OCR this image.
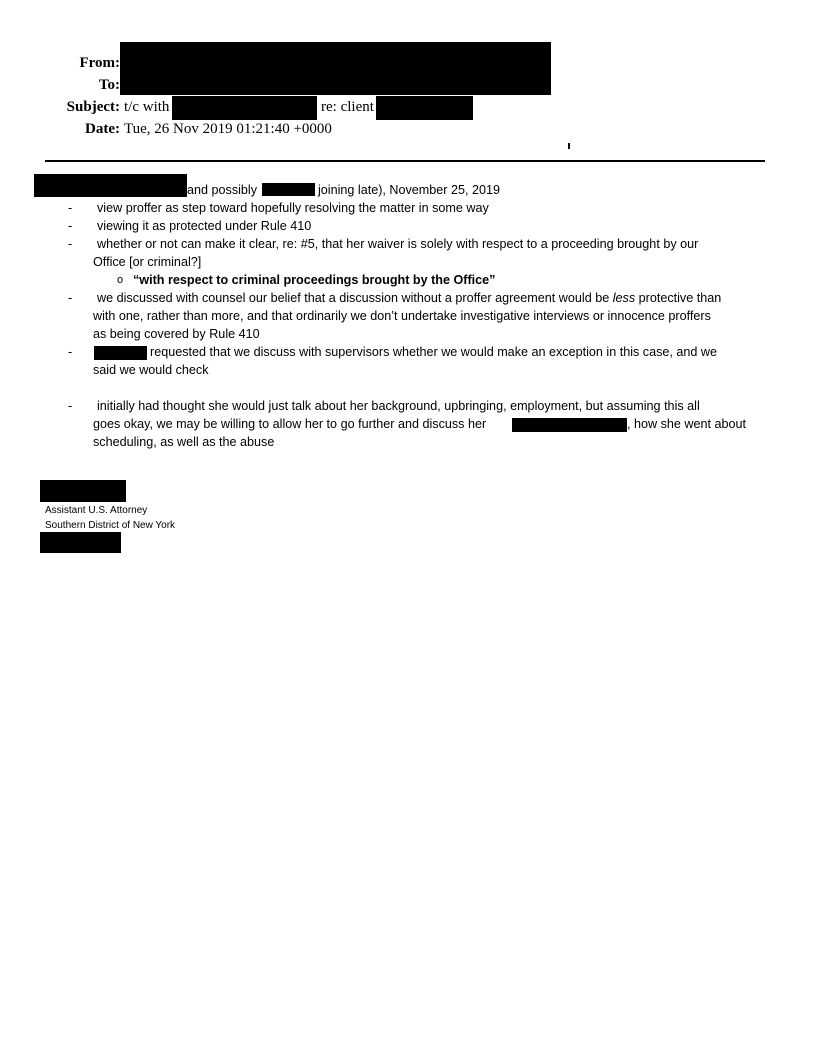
From:
To:
Subject: t/c with	re: client
Date: Tue, 26 Nov 2019 01:21:40 +0000
and possibly	joining late), November 25, 2019
- view proffer as step toward hopefully resolving the matter in some way
- viewing it as protected under Rule 410
- whether or not can make it clear, re: #5, that her waiver is solely with respect to a proceeding brought by our
Office [or criminal?]
o “with respect to criminal proceedings brought by the Office”
- we discussed with counsel our belief that a discussion without a proffer agreement would be less protective than
with one, rather than more, and that ordinarily we don’t undertake investigative interviews or innocence proffers
as being covered by Rule 410
-	requested that we discuss with supervisors whether we would make an exception in this case, and we
said we would check
- initially had thought she would just talk about her background, upbringing, employment, but assuming this all
goes okay, we may be willing to allow her to go further and discuss her	, how she went about
scheduling, as well as the abuse
Assistant U.S. Attorney
Southern District of New York
